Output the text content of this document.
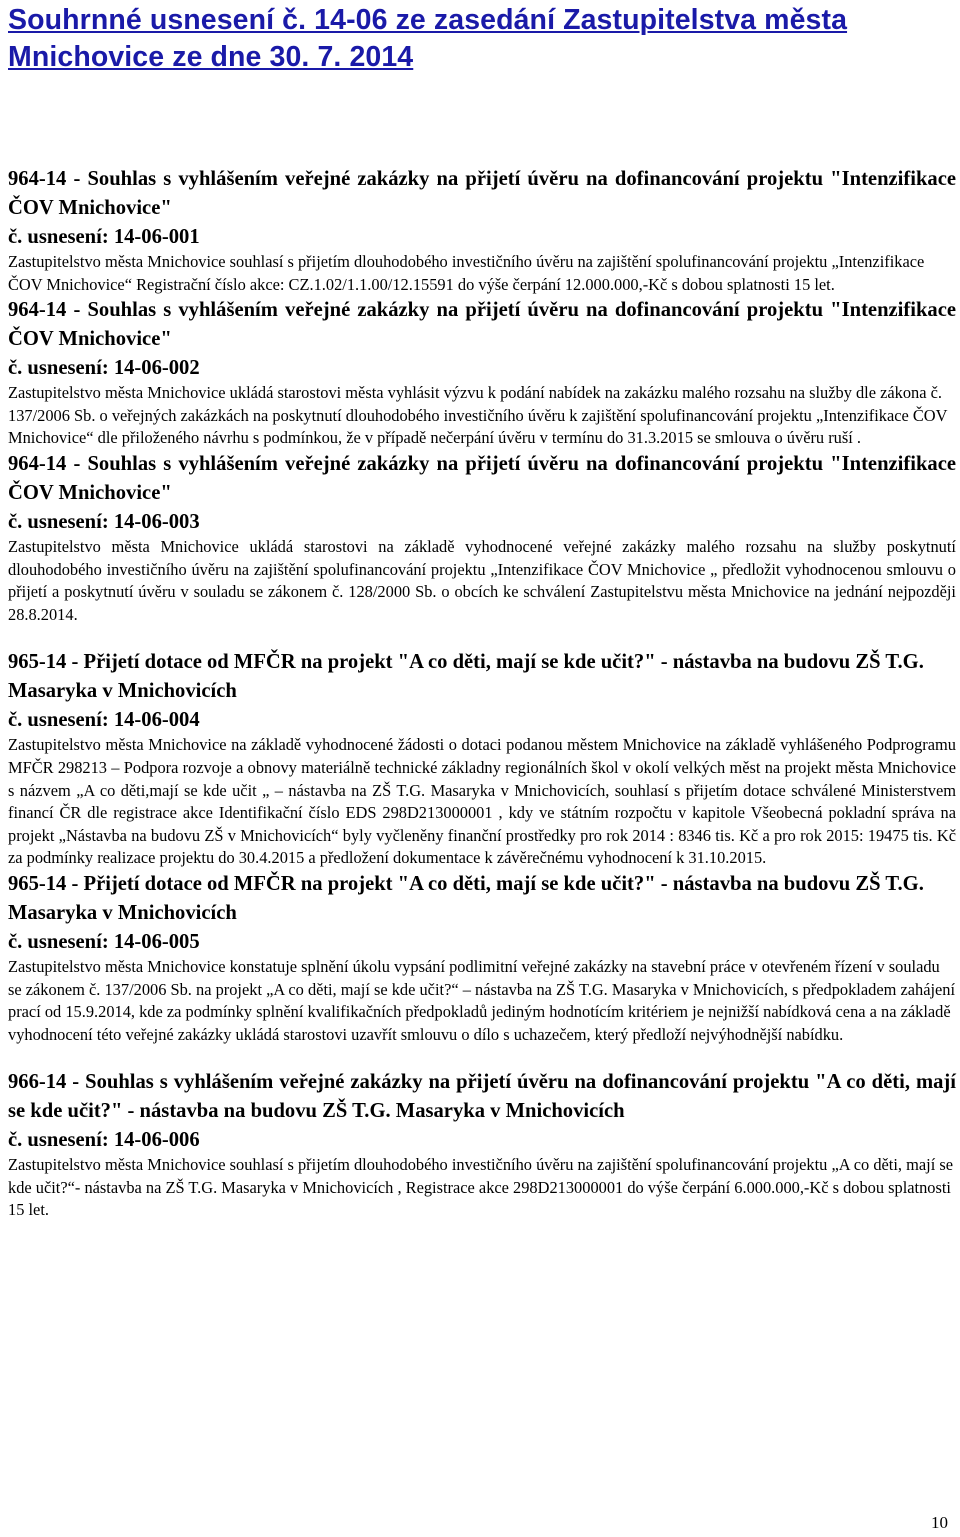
Souhrnné usnesení č. 14-06 ze zasedání Zastupitelstva města
Mnichovice ze dne 30. 7. 2014

964-14 - Souhlas s vyhlášením veřejné zakázky na přijetí úvěru na dofinancování projektu "Intenzifikace ČOV Mnichovice"

č. usnesení: 14-06-001

Zastupitelstvo města Mnichovice souhlasí s přijetím dlouhodobého investičního úvěru na zajištění spolufinancování projektu „Intenzifikace ČOV Mnichovice“ Registrační číslo akce: CZ.1.02/1.1.00/12.15591 do výše čerpání 12.000.000,-Kč s dobou splatnosti 15 let.

964-14 - Souhlas s vyhlášením veřejné zakázky na přijetí úvěru na dofinancování projektu "Intenzifikace ČOV Mnichovice"

č. usnesení: 14-06-002

Zastupitelstvo města Mnichovice ukládá starostovi města vyhlásit výzvu k podání nabídek na zakázku malého rozsahu na služby dle zákona č. 137/2006 Sb. o veřejných zakázkách na poskytnutí dlouhodobého investičního úvěru k zajištění spolufinancování projektu „Intenzifikace ČOV Mnichovice“ dle přiloženého návrhu s podmínkou, že v případě nečerpání úvěru v termínu do 31.3.2015 se smlouva o úvěru ruší .

964-14 - Souhlas s vyhlášením veřejné zakázky na přijetí úvěru na dofinancování projektu "Intenzifikace ČOV Mnichovice"

č. usnesení: 14-06-003

Zastupitelstvo města Mnichovice ukládá starostovi na základě vyhodnocené veřejné zakázky malého rozsahu na služby poskytnutí dlouhodobého investičního úvěru na zajištění spolufinancování projektu „Intenzifikace ČOV Mnichovice „ předložit vyhodnocenou smlouvu o přijetí a poskytnutí úvěru v souladu se zákonem č. 128/2000 Sb. o obcích ke schválení Zastupitelstvu města Mnichovice na jednání nejpozději 28.8.2014.

965-14 - Přijetí dotace od MFČR na projekt "A co děti, mají se kde učit?" - nástavba na budovu ZŠ T.G. Masaryka v Mnichovicích

č. usnesení: 14-06-004

Zastupitelstvo města Mnichovice na základě vyhodnocené žádosti o dotaci podanou městem Mnichovice na základě vyhlášeného Podprogramu MFČR 298213 – Podpora rozvoje a obnovy materiálně technické základny regionálních škol v okolí velkých měst na projekt města Mnichovice s názvem „A co děti,mají se kde učit „ – nástavba na ZŠ T.G. Masaryka v Mnichovicích, souhlasí s přijetím dotace schválené Ministerstvem financí ČR dle registrace akce Identifikační číslo EDS 298D213000001 , kdy ve státním rozpočtu v kapitole Všeobecná pokladní správa na projekt „Nástavba na budovu ZŠ v Mnichovicích“ byly vyčleněny finanční prostředky pro rok 2014 : 8346 tis. Kč a pro rok 2015: 19475 tis. Kč za podmínky realizace projektu do 30.4.2015 a předložení dokumentace k závěrečnému vyhodnocení k 31.10.2015.

965-14 - Přijetí dotace od MFČR na projekt "A co děti, mají se kde učit?" - nástavba na budovu ZŠ T.G. Masaryka v Mnichovicích

č. usnesení: 14-06-005

Zastupitelstvo města Mnichovice konstatuje splnění úkolu vypsání podlimitní veřejné zakázky na stavební práce v otevřeném řízení v souladu se zákonem č. 137/2006 Sb. na projekt „A co děti, mají se kde učit?“ – nástavba na ZŠ T.G. Masaryka v Mnichovicích, s předpokladem zahájení prací od 15.9.2014, kde za podmínky splnění kvalifikačních předpokladů jediným hodnotícím kritériem je nejnižší nabídková cena a na základě vyhodnocení této veřejné zakázky ukládá starostovi uzavřít smlouvu o dílo s uchazečem, který předloží nejvýhodnější nabídku.

966-14 - Souhlas s vyhlášením veřejné zakázky na přijetí úvěru na dofinancování projektu "A co děti, mají se kde učit?" - nástavba na budovu ZŠ T.G. Masaryka v Mnichovicích

č. usnesení: 14-06-006

Zastupitelstvo města Mnichovice souhlasí s přijetím dlouhodobého investičního úvěru na zajištění spolufinancování projektu „A co děti, mají se kde učit?“- nástavba na ZŠ T.G. Masaryka v Mnichovicích , Registrace akce 298D213000001 do výše čerpání 6.000.000,-Kč s dobou splatnosti 15 let.

10
